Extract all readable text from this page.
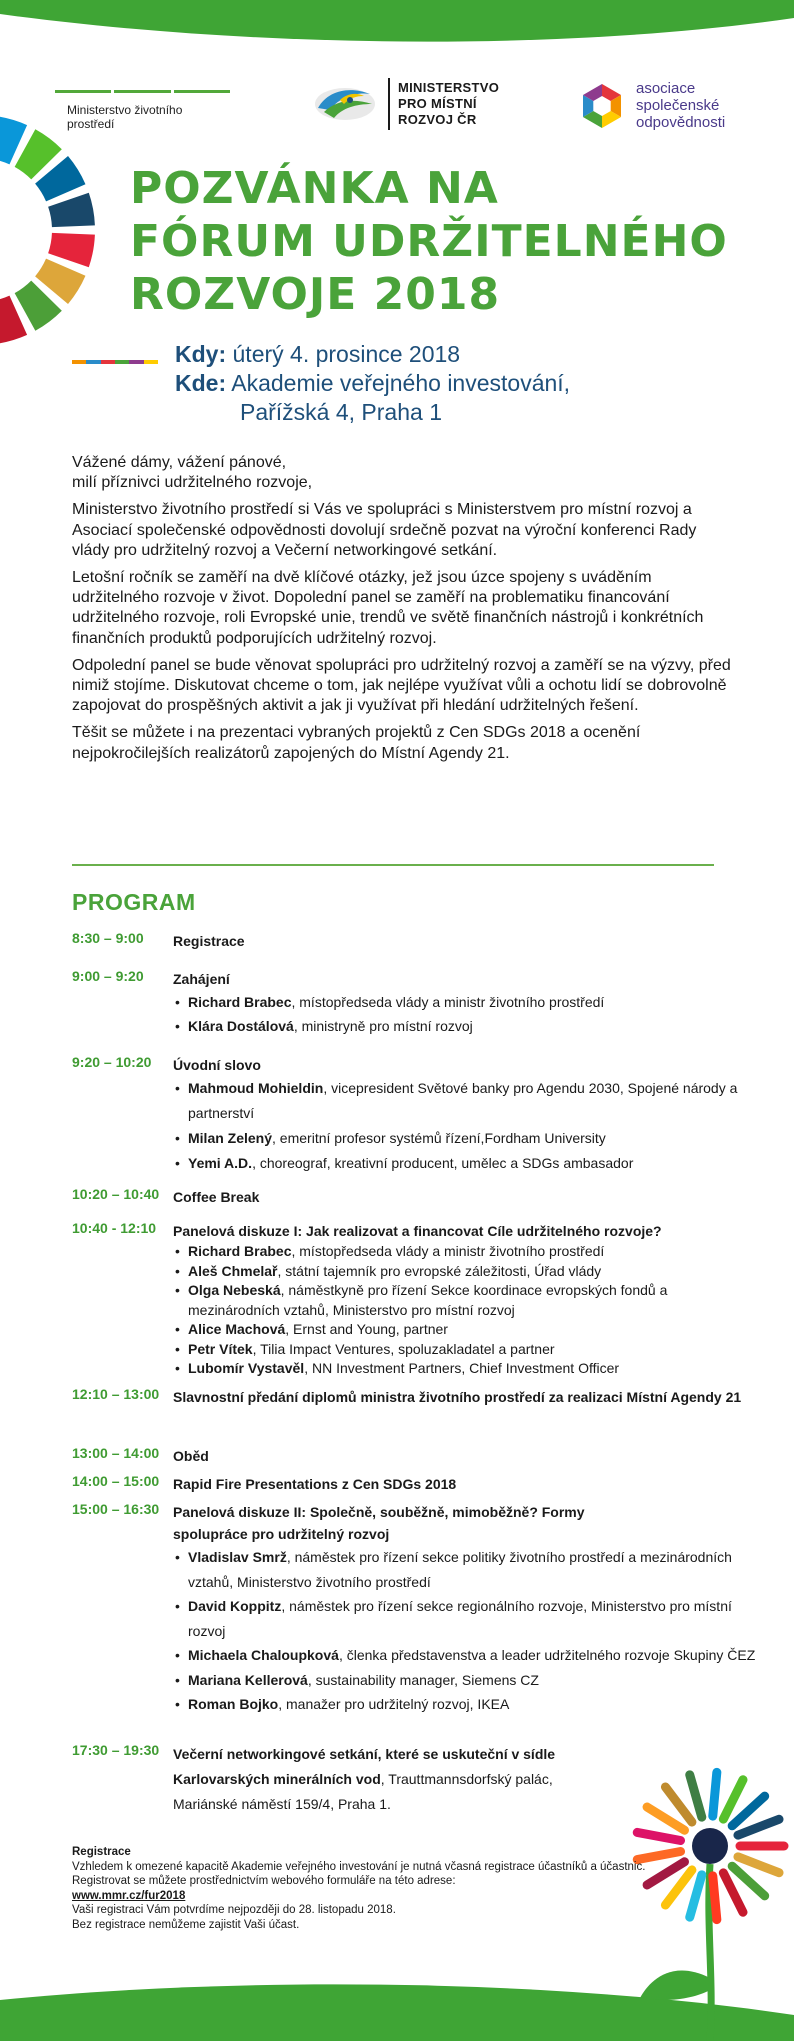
Ministerstvo životního prostředí
MINISTERSTVO
PRO MÍSTNÍ
ROZVOJ ČR
asociace
společenské
odpovědnosti
POZVÁNKA NA
FÓRUM UDRŽITELNÉHO
ROZVOJE 2018
Kdy: úterý 4. prosince 2018
Kde: Akademie veřejného investování,
Pařížská 4, Praha 1

Vážené dámy, vážení pánové,
milí příznivci udržitelného rozvoje,

Ministerstvo životního prostředí si Vás ve spolupráci s Ministerstvem pro místní rozvoj a Asociací společenské odpovědnosti dovolují srdečně pozvat na výroční konferenci Rady vlády pro udržitelný rozvoj a Večerní networkingové setkání.

Letošní ročník se zaměří na dvě klíčové otázky, jež jsou úzce spojeny s uváděním udržitelného rozvoje v život. Dopolední panel se zaměří na problematiku financování udržitelného rozvoje, roli Evropské unie, trendů ve světě finančních nástrojů i konkrétních finančních produktů podporujících udržitelný rozvoj.

Odpolední panel se bude věnovat spolupráci pro udržitelný rozvoj a zaměří se na výzvy, před nimiž stojíme. Diskutovat chceme o tom, jak nejlépe využívat vůli a ochotu lidí se dobrovolně zapojovat do prospěšných aktivit a jak ji využívat při hledání udržitelných řešení.

Těšit se můžete i na prezentaci vybraných projektů z Cen SDGs 2018 a ocenění nejpokročilejších realizátorů zapojených do Místní Agendy 21.

PROGRAM
8:30 – 9:00 Registrace
9:00 – 9:20 Zahájení
• Richard Brabec, místopředseda vlády a ministr životního prostředí
• Klára Dostálová, ministryně pro místní rozvoj
9:20 – 10:20 Úvodní slovo
• Mahmoud Mohieldin, vicepresident Světové banky pro Agendu 2030, Spojené národy a partnerství
• Milan Zelený, emeritní profesor systémů řízení,Fordham University
• Yemi A.D., choreograf, kreativní producent, umělec a SDGs ambasador
10:20 – 10:40 Coffee Break
10:40 - 12:10 Panelová diskuze I: Jak realizovat a financovat Cíle udržitelného rozvoje?
• Richard Brabec, místopředseda vlády a ministr životního prostředí
• Aleš Chmelař, státní tajemník pro evropské záležitosti, Úřad vlády
• Olga Nebeská, náměstkyně pro řízení Sekce koordinace evropských fondů a mezinárodních vztahů, Ministerstvo pro místní rozvoj
• Alice Machová, Ernst and Young, partner
• Petr Vítek, Tilia Impact Ventures, spoluzakladatel a partner
• Lubomír Vystavěl, NN Investment Partners, Chief Investment Officer
12:10 – 13:00 Slavnostní předání diplomů ministra životního prostředí za realizaci Místní Agendy 21
13:00 – 14:00 Oběd
14:00 – 15:00 Rapid Fire Presentations z Cen SDGs 2018
15:00 – 16:30 Panelová diskuze II: Společně, souběžně, mimoběžně? Formy spolupráce pro udržitelný rozvoj
• Vladislav Smrž, náměstek pro řízení sekce politiky životního prostředí a mezinárodních vztahů, Ministerstvo životního prostředí
• David Koppitz, náměstek pro řízení sekce regionálního rozvoje, Ministerstvo pro místní rozvoj
• Michaela Chaloupková, členka představenstva a leader udržitelného rozvoje Skupiny ČEZ
• Mariana Kellerová, sustainability manager, Siemens CZ
• Roman Bojko, manažer pro udržitelný rozvoj, IKEA
17:30 – 19:30 Večerní networkingové setkání, které se uskuteční v sídle
Karlovarských minerálních vod, Trauttmannsdorfský palác, Mariánské náměstí 159/4, Praha 1.
Registrace
Vzhledem k omezené kapacitě Akademie veřejného investování je nutná včasná registrace účastníků a účastnic. Registrovat se můžete prostřednictvím webového formuláře na této adrese:
www.mmr.cz/fur2018
Vaši registraci Vám potvrdíme nejpozději do 28. listopadu 2018.
Bez registrace nemůžeme zajistit Vaši účast.
